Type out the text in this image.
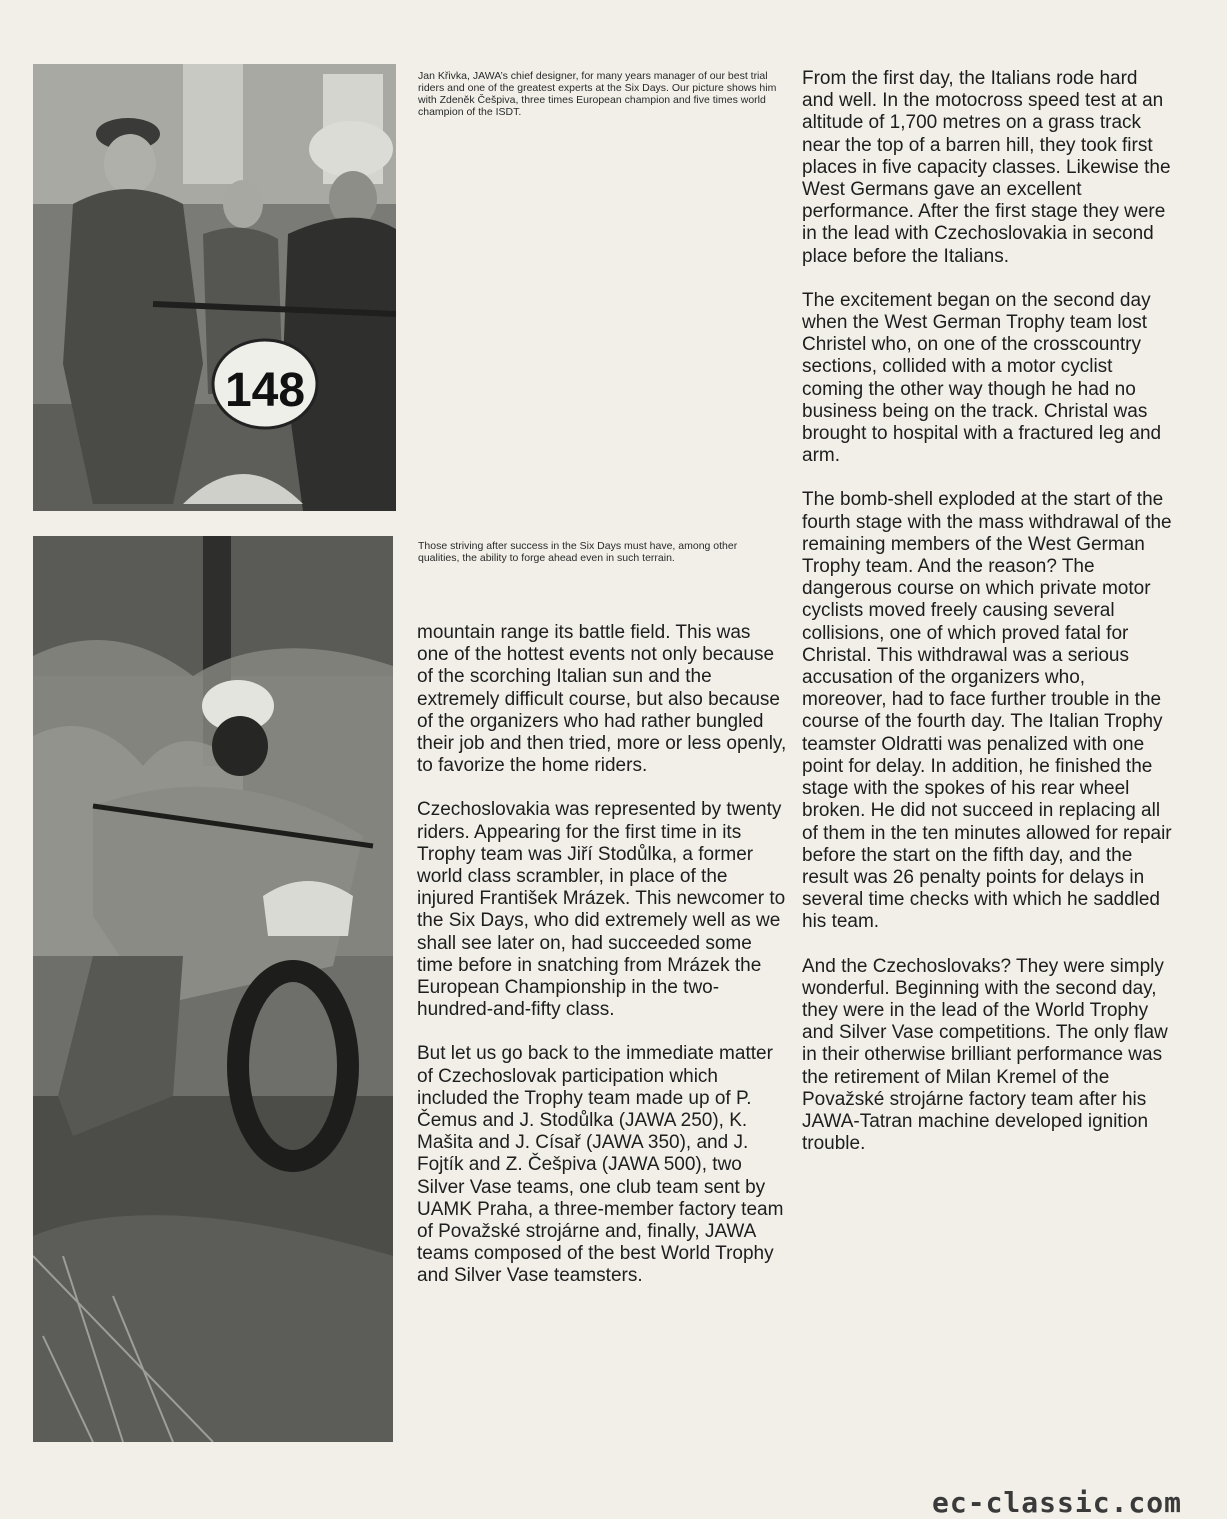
148

Jan Křivka, JAWA’s chief designer, for many years manager of our best trial riders and one of the greatest experts at the Six Days. Our picture shows him with Zdeněk Češpiva, three times European champion and five times world champion of the ISDT.

Those striving after success in the Six Days must have, among other qualities, the ability to forge ahead even in such terrain.

mountain range its battle field. This was one of the hottest events not only because of the scorching Italian sun and the extremely difficult course, but also because of the organizers who had rather bungled their job and then tried, more or less openly, to favorize the home riders.

Czechoslovakia was represented by twenty riders. Appearing for the first time in its Trophy team was Jiří Stodůlka, a former world class scrambler, in place of the injured František Mrázek. This newcomer to the Six Days, who did extremely well as we shall see later on, had succeeded some time before in snatching from Mrázek the European Championship in the two-hundred-and-fifty class.

But let us go back to the immediate matter of Czechoslovak participation which included the Trophy team made up of P. Čemus and J. Stodůlka (JAWA 250), K. Mašita and J. Císař (JAWA 350), and J. Fojtík and Z. Češpiva (JAWA 500), two Silver Vase teams, one club team sent by UAMK Praha, a three-member factory team of Považské strojárne and, finally, JAWA teams composed of the best World Trophy and Silver Vase teamsters.

From the first day, the Italians rode hard and well. In the motocross speed test at an altitude of 1,700 metres on a grass track near the top of a barren hill, they took first places in five capacity classes. Likewise the West Germans gave an excellent performance. After the first stage they were in the lead with Czechoslovakia in second place before the Italians.

The excitement began on the second day when the West German Trophy team lost Christel who, on one of the crosscountry sections, collided with a motor cyclist coming the other way though he had no business being on the track. Christal was brought to hospital with a fractured leg and arm.

The bomb-shell exploded at the start of the fourth stage with the mass withdrawal of the remaining members of the West German Trophy team. And the reason? The dangerous course on which private motor cyclists moved freely causing several collisions, one of which proved fatal for Christal. This withdrawal was a serious accusation of the organizers who, moreover, had to face further trouble in the course of the fourth day. The Italian Trophy teamster Oldratti was penalized with one point for delay. In addition, he finished the stage with the spokes of his rear wheel broken. He did not succeed in replacing all of them in the ten minutes allowed for repair before the start on the fifth day, and the result was 26 penalty points for delays in several time checks with which he saddled his team.

And the Czechoslovaks? They were simply wonderful. Beginning with the second day, they were in the lead of the World Trophy and Silver Vase competitions. The only flaw in their otherwise brilliant performance was the retirement of Milan Kremel of the Považské strojárne factory team after his JAWA-Tatran machine developed ignition trouble.

ec-classic.com
